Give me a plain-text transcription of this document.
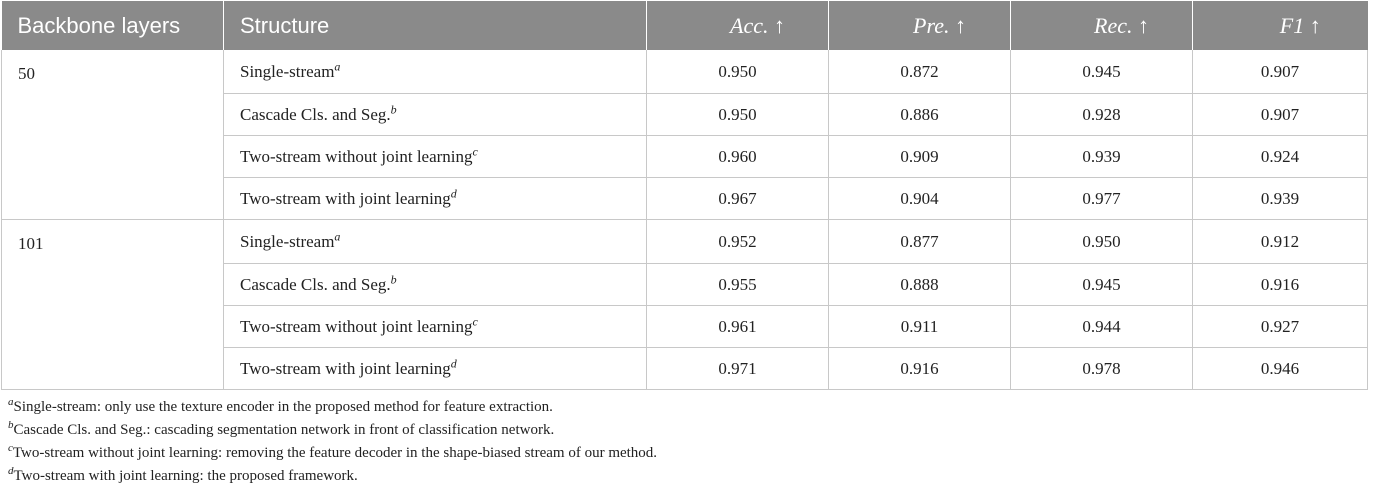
Backbone layers	Structure	Acc. ↑	Pre. ↑	Rec. ↑	F1 ↑
50	Single-stream$^a$	0.950	0.872	0.945	0.907
	Cascade Cls. and Seg.$^b$	0.950	0.886	0.928	0.907
	Two-stream without joint learning$^c$	0.960	0.909	0.939	0.924
	Two-stream with joint learning$^d$	0.967	0.904	0.977	0.939
101	Single-stream$^a$	0.952	0.877	0.950	0.912
	Cascade Cls. and Seg.$^b$	0.955	0.888	0.945	0.916
	Two-stream without joint learning$^c$	0.961	0.911	0.944	0.927
	Two-stream with joint learning$^d$	0.971	0.916	0.978	0.946

$^a$Single-stream: only use the texture encoder in the proposed method for feature extraction.

$^b$Cascade Cls. and Seg.: cascading segmentation network in front of classification network.

$^c$Two-stream without joint learning: removing the feature decoder in the shape-biased stream of our method.

$^d$Two-stream with joint learning: the proposed framework.
